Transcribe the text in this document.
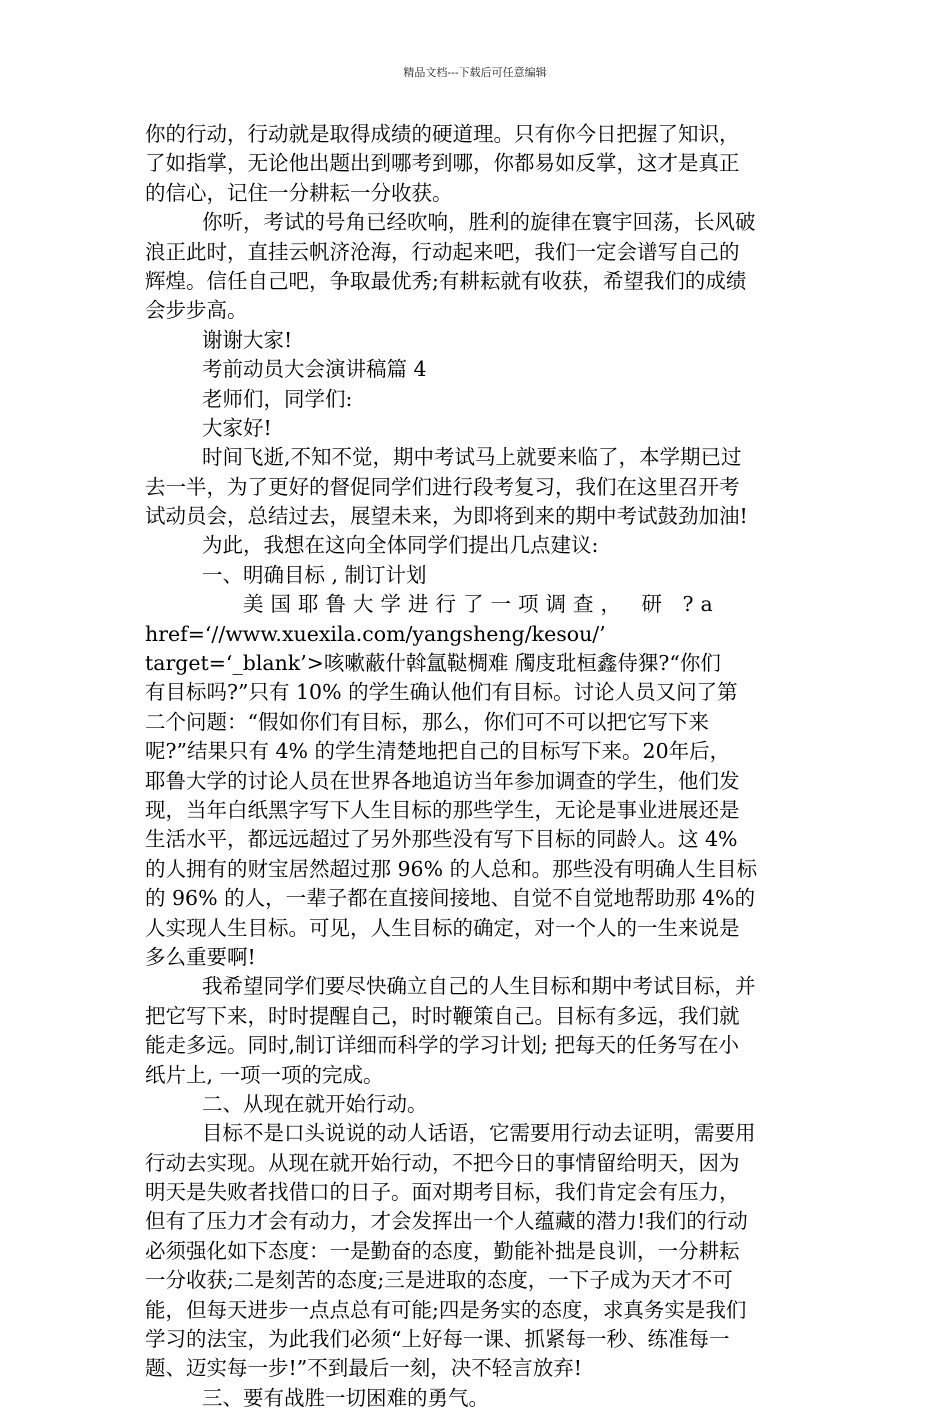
精品文档---下载后可任意编辑
你的行动，行动就是取得成绩的硬道理。只有你今日把握了知识，
了如指掌，无论他出题出到哪考到哪，你都易如反掌，这才是真正
的信心，记住一分耕耘一分收获。
你听，考试的号角已经吹响，胜利的旋律在寰宇回荡，长风破
浪正此时，直挂云帆济沧海，行动起来吧，我们一定会谱写自己的
辉煌。信任自己吧，争取最优秀;有耕耘就有收获，希望我们的成绩
会步步高。
谢谢大家!
考前动员大会演讲稿篇 4
老师们，同学们:
大家好!
时间飞逝,不知不觉，期中考试马上就要来临了，本学期已过
去一半，为了更好的督促同学们进行段考复习，我们在这里召开考
试动员会，总结过去，展望未来，为即将到来的期中考试鼓劲加油!
为此，我想在这向全体同学们提出几点建议:
一、明确目标 , 制订计划
美国耶鲁大学进行了一项调查， 研 ?a
href=‘//www.xuexila.com/yangsheng/kesou/’
target=‘_blank’>咳嗽蔽什斡氲鞑椆难 斶庋玭桓鑫侍猓?“你们
有目标吗?”只有 10% 的学生确认他们有目标。讨论人员又问了第
二个问题：“假如你们有目标，那么，你们可不可以把它写下来
呢?”结果只有 4% 的学生清楚地把自己的目标写下来。20年后，
耶鲁大学的讨论人员在世界各地追访当年参加调查的学生，他们发
现，当年白纸黑字写下人生目标的那些学生，无论是事业进展还是
生活水平，都远远超过了另外那些没有写下目标的同龄人。这 4%
的人拥有的财宝居然超过那 96% 的人总和。那些没有明确人生目标
的 96% 的人，一辈子都在直接间接地、自觉不自觉地帮助那 4%的
人实现人生目标。可见，人生目标的确定，对一个人的一生来说是
多么重要啊!
我希望同学们要尽快确立自己的人生目标和期中考试目标，并
把它写下来，时时提醒自己，时时鞭策自己。目标有多远，我们就
能走多远。同时,制订详细而科学的学习计划; 把每天的任务写在小
纸片上, 一项一项的完成。
二、从现在就开始行动。
目标不是口头说说的动人话语，它需要用行动去证明，需要用
行动去实现。从现在就开始行动，不把今日的事情留给明天，因为
明天是失败者找借口的日子。面对期考目标，我们肯定会有压力，
但有了压力才会有动力，才会发挥出一个人蕴藏的潜力!我们的行动
必须强化如下态度：一是勤奋的态度，勤能补拙是良训，一分耕耘
一分收获;二是刻苦的态度;三是进取的态度，一下子成为天才不可
能，但每天进步一点点总有可能;四是务实的态度，求真务实是我们
学习的法宝，为此我们必须“上好每一课、抓紧每一秒、练准每一
题、迈实每一步!”不到最后一刻，决不轻言放弃!
三、要有战胜一切困难的勇气。
